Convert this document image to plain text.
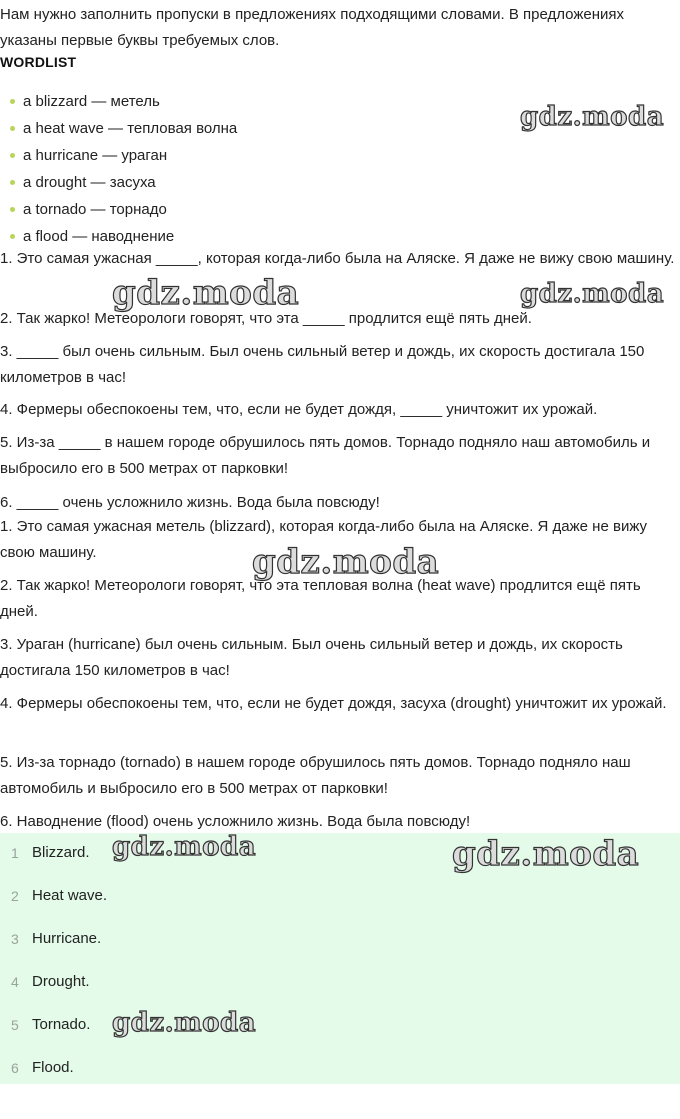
Нам нужно заполнить пропуски в предложениях подходящими словами. В предложениях указаны первые буквы требуемых слов.

WORDLIST
a blizzard — метель
a heat wave — тепловая волна
a hurricane — ураган
a drought — засуха
a tornado — торнадо
a flood — наводнение

1. Это самая ужасная _____, которая когда-либо была на Аляске. Я даже не вижу свою машину.

2. Так жарко! Метеорологи говорят, что эта _____ продлится ещё пять дней.

3. _____ был очень сильным. Был очень сильный ветер и дождь, их скорость достигала 150 километров в час!

4. Фермеры обеспокоены тем, что, если не будет дождя, _____ уничтожит их урожай.

5. Из-за _____ в нашем городе обрушилось пять домов. Торнадо подняло наш автомобиль и выбросило его в 500 метрах от парковки!

6. _____ очень усложнило жизнь. Вода была повсюду!

1. Это самая ужасная метель (blizzard), которая когда-либо была на Аляске. Я даже не вижу свою машину.

2. Так жарко! Метеорологи говорят, что эта тепловая волна (heat wave) продлится ещё пять дней.

3. Ураган (hurricane) был очень сильным. Был очень сильный ветер и дождь, их скорость достигала 150 километров в час!

4. Фермеры обеспокоены тем, что, если не будет дождя, засуха (drought) уничтожит их урожай.

5. Из-за торнадо (tornado) в нашем городе обрушилось пять домов. Торнадо подняло наш автомобиль и выбросило его в 500 метрах от парковки!

6. Наводнение (flood) очень усложнило жизнь. Вода была повсюду!

1 Blizzard.
2 Heat wave.
3 Hurricane.
4 Drought.
5 Tornado.
6 Flood.
gdz.moda
gdz.moda	gdz.moda
gdz.moda
gdz.moda	gdz.moda
gdz.moda
